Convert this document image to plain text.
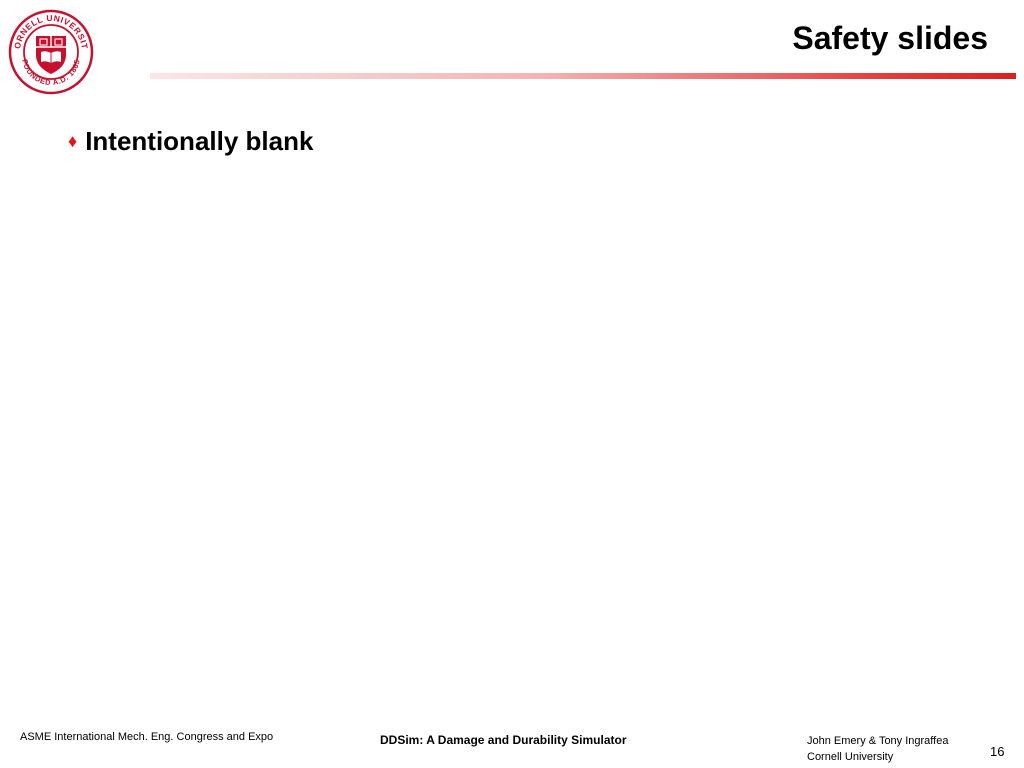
ORNELL UNIVERSIT
FOUNDED A.D. 1865
Safety slides
♦ Intentionally blank
ASME International Mech. Eng. Congress and Expo	DDSim: A Damage and Durability Simulator	John Emery & Tony Ingraffea
Cornell University	16
